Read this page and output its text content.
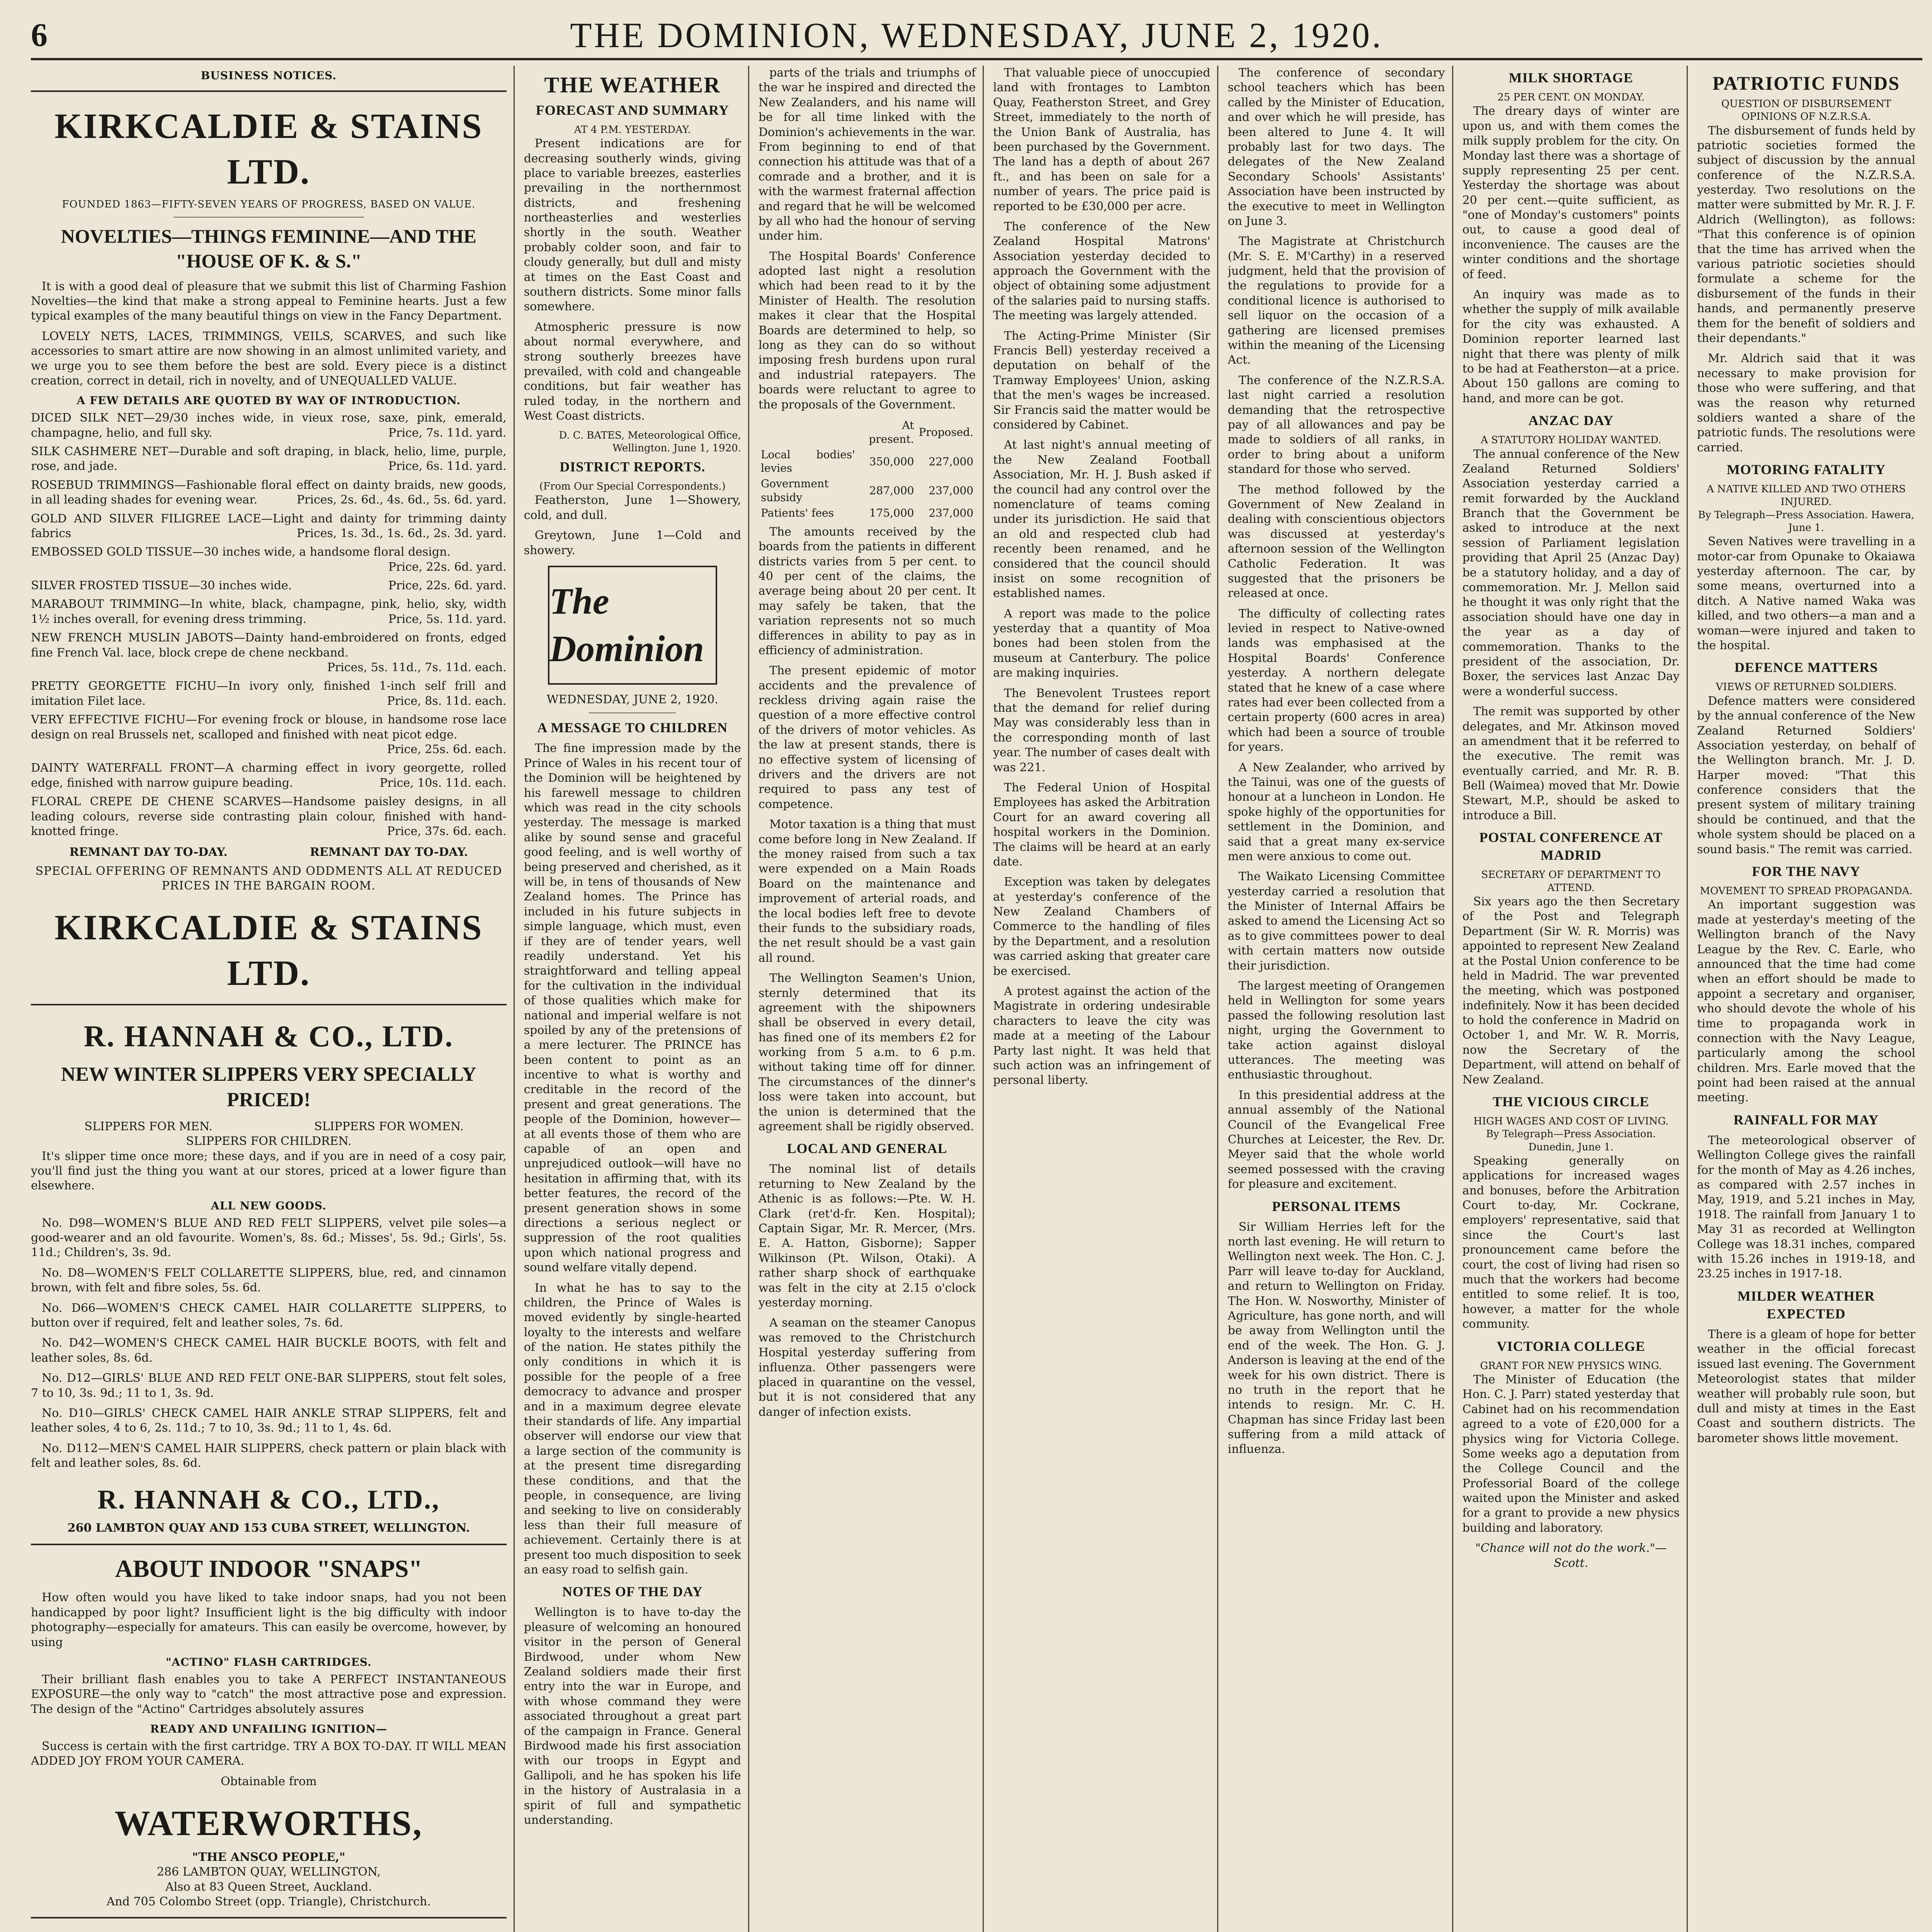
6	THE DOMINION, WEDNESDAY, JUNE 2, 1920.
BUSINESS NOTICES.
KIRKCALDIE & STAINS LTD.
FOUNDED 1863—FIFTY-SEVEN YEARS OF PROGRESS, BASED ON VALUE.
NOVELTIES—THINGS FEMININE—AND THE "HOUSE OF K. & S."

It is with a good deal of pleasure that we submit this list of Charming Fashion Novelties—the kind that make a strong appeal to Feminine hearts. Just a few typical examples of the many beautiful things on view in the Fancy Department.

LOVELY NETS, LACES, TRIMMINGS, VEILS, SCARVES, and such like accessories to smart attire are now showing in an almost unlimited variety, and we urge you to see them before the best are sold. Every piece is a distinct creation, correct in detail, rich in novelty, and of UNEQUALLED VALUE.

A FEW DETAILS ARE QUOTED BY WAY OF INTRODUCTION.
DICED SILK NET—29/30 inches wide, in vieux rose, saxe, pink, emerald, champagne, helio, and full sky.	Price, 7s. 11d. yard.
SILK CASHMERE NET—Durable and soft draping, in black, helio, lime, purple, rose, and jade.	Price, 6s. 11d. yard.
ROSEBUD TRIMMINGS—Fashionable floral effect on dainty braids, new goods, in all leading shades for evening wear.	Prices, 2s. 6d., 4s. 6d., 5s. 6d. yard.
GOLD AND SILVER FILIGREE LACE—Light and dainty for trimming dainty fabrics	Prices, 1s. 3d., 1s. 6d., 2s. 3d. yard.
EMBOSSED GOLD TISSUE—30 inches wide, a handsome floral design.
Price, 22s. 6d. yard.
SILVER FROSTED TISSUE—30 inches wide.	Price, 22s. 6d. yard.
MARABOUT TRIMMING—In white, black, champagne, pink, helio, sky, width 1½ inches overall, for evening dress trimming.	Price, 5s. 11d. yard.
NEW FRENCH MUSLIN JABOTS—Dainty hand-embroidered on fronts, edged fine French Val. lace, block crepe de chene neckband.
Prices, 5s. 11d., 7s. 11d. each.
PRETTY GEORGETTE FICHU—In ivory only, finished 1-inch self frill and imitation Filet lace.	Price, 8s. 11d. each.
VERY EFFECTIVE FICHU—For evening frock or blouse, in handsome rose lace design on real Brussels net, scalloped and finished with neat picot edge.
Price, 25s. 6d. each.
DAINTY WATERFALL FRONT—A charming effect in ivory georgette, rolled edge, finished with narrow guipure beading.	Price, 10s. 11d. each.
FLORAL CREPE DE CHENE SCARVES—Handsome paisley designs, in all leading colours, reverse side contrasting plain colour, finished with hand-knotted fringe.	Price, 37s. 6d. each.
REMNANT DAY TO-DAY.	REMNANT DAY TO-DAY.
SPECIAL OFFERING OF REMNANTS AND ODDMENTS ALL AT REDUCED PRICES IN THE BARGAIN ROOM.
KIRKCALDIE & STAINS LTD.
R. HANNAH & CO., LTD.
NEW WINTER SLIPPERS VERY SPECIALLY PRICED!
SLIPPERS FOR MEN.	SLIPPERS FOR WOMEN.
SLIPPERS FOR CHILDREN.

It's slipper time once more; these days, and if you are in need of a cosy pair, you'll find just the thing you want at our stores, priced at a lower figure than elsewhere.

ALL NEW GOODS.

No. D98—WOMEN'S BLUE AND RED FELT SLIPPERS, velvet pile soles—a good-wearer and an old favourite. Women's, 8s. 6d.; Misses', 5s. 9d.; Girls', 5s. 11d.; Children's, 3s. 9d.

No. D8—WOMEN'S FELT COLLARETTE SLIPPERS, blue, red, and cinnamon brown, with felt and fibre soles, 5s. 6d.

No. D66—WOMEN'S CHECK CAMEL HAIR COLLARETTE SLIPPERS, to button over if required, felt and leather soles, 7s. 6d.

No. D42—WOMEN'S CHECK CAMEL HAIR BUCKLE BOOTS, with felt and leather soles, 8s. 6d.

No. D12—GIRLS' BLUE AND RED FELT ONE-BAR SLIPPERS, stout felt soles, 7 to 10, 3s. 9d.; 11 to 1, 3s. 9d.

No. D10—GIRLS' CHECK CAMEL HAIR ANKLE STRAP SLIPPERS, felt and leather soles, 4 to 6, 2s. 11d.; 7 to 10, 3s. 9d.; 11 to 1, 4s. 6d.

No. D112—MEN'S CAMEL HAIR SLIPPERS, check pattern or plain black with felt and leather soles, 8s. 6d.

R. HANNAH & CO., LTD.,
260 LAMBTON QUAY AND 153 CUBA STREET, WELLINGTON.
ABOUT INDOOR "SNAPS"

How often would you have liked to take indoor snaps, had you not been handicapped by poor light? Insufficient light is the big difficulty with indoor photography—especially for amateurs. This can easily be overcome, however, by using

"ACTINO" FLASH CARTRIDGES.

Their brilliant flash enables you to take A PERFECT INSTANTANEOUS EXPOSURE—the only way to "catch" the most attractive pose and expression. The design of the "Actino" Cartridges absolutely assures

READY AND UNFAILING IGNITION—

Success is certain with the first cartridge. TRY A BOX TO-DAY. IT WILL MEAN ADDED JOY FROM YOUR CAMERA.

Obtainable from
WATERWORTHS,
"THE ANSCO PEOPLE,"
286 LAMBTON QUAY, WELLINGTON,
Also at 83 Queen Street, Auckland.
And 705 Colombo Street (opp. Triangle), Christchurch.
THE WEATHER
FORECAST AND SUMMARY
AT 4 P.M. YESTERDAY.

Present indications are for decreasing southerly winds, giving place to variable breezes, easterlies prevailing in the northernmost districts, and freshening northeasterlies and westerlies shortly in the south. Weather probably colder soon, and fair to cloudy generally, but dull and misty at times on the East Coast and southern districts. Some minor falls somewhere.

Atmospheric pressure is now about normal everywhere, and strong southerly breezes have prevailed, with cold and changeable conditions, but fair weather has ruled today, in the northern and West Coast districts.

D. C. BATES, Meteorological Office, Wellington. June 1, 1920.
DISTRICT REPORTS.
(From Our Special Correspondents.)

Featherston, June 1—Showery, cold, and dull.

Greytown, June 1—Cold and showery.

The Dominion
WEDNESDAY, JUNE 2, 1920.
A MESSAGE TO CHILDREN

The fine impression made by the Prince of Wales in his recent tour of the Dominion will be heightened by his farewell message to children which was read in the city schools yesterday. The message is marked alike by sound sense and graceful good feeling, and is well worthy of being preserved and cherished, as it will be, in tens of thousands of New Zealand homes. The Prince has included in his future subjects in simple language, which must, even if they are of tender years, well readily understand. Yet his straightforward and telling appeal for the cultivation in the individual of those qualities which make for national and imperial welfare is not spoiled by any of the pretensions of a mere lecturer. The PRINCE has been content to point as an incentive to what is worthy and creditable in the record of the present and great generations. The people of the Dominion, however—at all events those of them who are capable of an open and unprejudiced outlook—will have no hesitation in affirming that, with its better features, the record of the present generation shows in some directions a serious neglect or suppression of the root qualities upon which national progress and sound welfare vitally depend.

In what he has to say to the children, the Prince of Wales is moved evidently by single-hearted loyalty to the interests and welfare of the nation. He states pithily the only conditions in which it is possible for the people of a free democracy to advance and prosper and in a maximum degree elevate their standards of life. Any impartial observer will endorse our view that a large section of the community is at the present time disregarding these conditions, and that the people, in consequence, are living and seeking to live on considerably less than their full measure of achievement. Certainly there is at present too much disposition to seek an easy road to selfish gain.

NOTES OF THE DAY

Wellington is to have to-day the pleasure of welcoming an honoured visitor in the person of General Birdwood, under whom New Zealand soldiers made their first entry into the war in Europe, and with whose command they were associated throughout a great part of the campaign in France. General Birdwood made his first association with our troops in Egypt and Gallipoli, and he has spoken his life in the history of Australasia in a spirit of full and sympathetic understanding.

parts of the trials and triumphs of the war he inspired and directed the New Zealanders, and his name will be for all time linked with the Dominion's achievements in the war. From beginning to end of that connection his attitude was that of a comrade and a brother, and it is with the warmest fraternal affection and regard that he will be welcomed by all who had the honour of serving under him.

The Hospital Boards' Conference adopted last night a resolution which had been read to it by the Minister of Health. The resolution makes it clear that the Hospital Boards are determined to help, so long as they can do so without imposing fresh burdens upon rural and industrial ratepayers. The boards were reluctant to agree to the proposals of the Government.

	At present.	Proposed.
Local bodies' levies	350,000	227,000
Government subsidy	287,000	237,000
Patients' fees	175,000	237,000

The amounts received by the boards from the patients in different districts varies from 5 per cent. to 40 per cent of the claims, the average being about 20 per cent. It may safely be taken, that the variation represents not so much differences in ability to pay as in efficiency of administration.

The present epidemic of motor accidents and the prevalence of reckless driving again raise the question of a more effective control of the drivers of motor vehicles. As the law at present stands, there is no effective system of licensing of drivers and the drivers are not required to pass any test of competence.

Motor taxation is a thing that must come before long in New Zealand. If the money raised from such a tax were expended on a Main Roads Board on the maintenance and improvement of arterial roads, and the local bodies left free to devote their funds to the subsidiary roads, the net result should be a vast gain all round.

The Wellington Seamen's Union, sternly determined that its agreement with the shipowners shall be observed in every detail, has fined one of its members £2 for working from 5 a.m. to 6 p.m. without taking time off for dinner. The circumstances of the dinner's loss were taken into account, but the union is determined that the agreement shall be rigidly observed.

LOCAL AND GENERAL

The nominal list of details returning to New Zealand by the Athenic is as follows:—Pte. W. H. Clark (ret'd-fr. Ken. Hospital); Captain Sigar, Mr. R. Mercer, (Mrs. E. A. Hatton, Gisborne); Sapper Wilkinson (Pt. Wilson, Otaki). A rather sharp shock of earthquake was felt in the city at 2.15 o'clock yesterday morning.

A seaman on the steamer Canopus was removed to the Christchurch Hospital yesterday suffering from influenza. Other passengers were placed in quarantine on the vessel, but it is not considered that any danger of infection exists.

That valuable piece of unoccupied land with frontages to Lambton Quay, Featherston Street, and Grey Street, immediately to the north of the Union Bank of Australia, has been purchased by the Government. The land has a depth of about 267 ft., and has been on sale for a number of years. The price paid is reported to be £30,000 per acre.

The conference of the New Zealand Hospital Matrons' Association yesterday decided to approach the Government with the object of obtaining some adjustment of the salaries paid to nursing staffs. The meeting was largely attended.

The Acting-Prime Minister (Sir Francis Bell) yesterday received a deputation on behalf of the Tramway Employees' Union, asking that the men's wages be increased. Sir Francis said the matter would be considered by Cabinet.

At last night's annual meeting of the New Zealand Football Association, Mr. H. J. Bush asked if the council had any control over the nomenclature of teams coming under its jurisdiction. He said that an old and respected club had recently been renamed, and he considered that the council should insist on some recognition of established names.

A report was made to the police yesterday that a quantity of Moa bones had been stolen from the museum at Canterbury. The police are making inquiries.

The Benevolent Trustees report that the demand for relief during May was considerably less than in the corresponding month of last year. The number of cases dealt with was 221.

The Federal Union of Hospital Employees has asked the Arbitration Court for an award covering all hospital workers in the Dominion. The claims will be heard at an early date.

Exception was taken by delegates at yesterday's conference of the New Zealand Chambers of Commerce to the handling of files by the Department, and a resolution was carried asking that greater care be exercised.

A protest against the action of the Magistrate in ordering undesirable characters to leave the city was made at a meeting of the Labour Party last night. It was held that such action was an infringement of personal liberty.

The conference of secondary school teachers which has been called by the Minister of Education, and over which he will preside, has been altered to June 4. It will probably last for two days. The delegates of the New Zealand Secondary Schools' Assistants' Association have been instructed by the executive to meet in Wellington on June 3.

The Magistrate at Christchurch (Mr. S. E. M'Carthy) in a reserved judgment, held that the provision of the regulations to provide for a conditional licence is authorised to sell liquor on the occasion of a gathering are licensed premises within the meaning of the Licensing Act.

The conference of the N.Z.R.S.A. last night carried a resolution demanding that the retrospective pay of all allowances and pay be made to soldiers of all ranks, in order to bring about a uniform standard for those who served.

The method followed by the Government of New Zealand in dealing with conscientious objectors was discussed at yesterday's afternoon session of the Wellington Catholic Federation. It was suggested that the prisoners be released at once.

The difficulty of collecting rates levied in respect to Native-owned lands was emphasised at the Hospital Boards' Conference yesterday. A northern delegate stated that he knew of a case where rates had ever been collected from a certain property (600 acres in area) which had been a source of trouble for years.

A New Zealander, who arrived by the Tainui, was one of the guests of honour at a luncheon in London. He spoke highly of the opportunities for settlement in the Dominion, and said that a great many ex-service men were anxious to come out.

The Waikato Licensing Committee yesterday carried a resolution that the Minister of Internal Affairs be asked to amend the Licensing Act so as to give committees power to deal with certain matters now outside their jurisdiction.

The largest meeting of Orangemen held in Wellington for some years passed the following resolution last night, urging the Government to take action against disloyal utterances. The meeting was enthusiastic throughout.

In this presidential address at the annual assembly of the National Council of the Evangelical Free Churches at Leicester, the Rev. Dr. Meyer said that the whole world seemed possessed with the craving for pleasure and excitement.

PERSONAL ITEMS

Sir William Herries left for the north last evening. He will return to Wellington next week. The Hon. C. J. Parr will leave to-day for Auckland, and return to Wellington on Friday. The Hon. W. Nosworthy, Minister of Agriculture, has gone north, and will be away from Wellington until the end of the week. The Hon. G. J. Anderson is leaving at the end of the week for his own district. There is no truth in the report that he intends to resign. Mr. C. H. Chapman has since Friday last been suffering from a mild attack of influenza.

MILK SHORTAGE
25 PER CENT. ON MONDAY.

The dreary days of winter are upon us, and with them comes the milk supply problem for the city. On Monday last there was a shortage of supply representing 25 per cent. Yesterday the shortage was about 20 per cent.—quite sufficient, as "one of Monday's customers" points out, to cause a good deal of inconvenience. The causes are the winter conditions and the shortage of feed.

An inquiry was made as to whether the supply of milk available for the city was exhausted. A Dominion reporter learned last night that there was plenty of milk to be had at Featherston—at a price. About 150 gallons are coming to hand, and more can be got.

ANZAC DAY
A STATUTORY HOLIDAY WANTED.

The annual conference of the New Zealand Returned Soldiers' Association yesterday carried a remit forwarded by the Auckland Branch that the Government be asked to introduce at the next session of Parliament legislation providing that April 25 (Anzac Day) be a statutory holiday, and a day of commemoration. Mr. J. Mellon said he thought it was only right that the association should have one day in the year as a day of commemoration. Thanks to the president of the association, Dr. Boxer, the services last Anzac Day were a wonderful success.

The remit was supported by other delegates, and Mr. Atkinson moved an amendment that it be referred to the executive. The remit was eventually carried, and Mr. R. B. Bell (Waimea) moved that Mr. Dowie Stewart, M.P., should be asked to introduce a Bill.

POSTAL CONFERENCE AT MADRID
SECRETARY OF DEPARTMENT TO ATTEND.

Six years ago the then Secretary of the Post and Telegraph Department (Sir W. R. Morris) was appointed to represent New Zealand at the Postal Union conference to be held in Madrid. The war prevented the meeting, which was postponed indefinitely. Now it has been decided to hold the conference in Madrid on October 1, and Mr. W. R. Morris, now the Secretary of the Department, will attend on behalf of New Zealand.

THE VICIOUS CIRCLE
HIGH WAGES AND COST OF LIVING.
By Telegraph—Press Association. Dunedin, June 1.

Speaking generally on applications for increased wages and bonuses, before the Arbitration Court to-day, Mr. Cockrane, employers' representative, said that since the Court's last pronouncement came before the court, the cost of living had risen so much that the workers had become entitled to some relief. It is too, however, a matter for the whole community.

VICTORIA COLLEGE
GRANT FOR NEW PHYSICS WING.

The Minister of Education (the Hon. C. J. Parr) stated yesterday that Cabinet had on his recommendation agreed to a vote of £20,000 for a physics wing for Victoria College. Some weeks ago a deputation from the College Council and the Professorial Board of the college waited upon the Minister and asked for a grant to provide a new physics building and laboratory.

"Chance will not do the work."—Scott.
PATRIOTIC FUNDS
QUESTION OF DISBURSEMENT
OPINIONS OF N.Z.R.S.A.

The disbursement of funds held by patriotic societies formed the subject of discussion by the annual conference of the N.Z.R.S.A. yesterday. Two resolutions on the matter were submitted by Mr. R. J. F. Aldrich (Wellington), as follows: "That this conference is of opinion that the time has arrived when the various patriotic societies should formulate a scheme for the disbursement of the funds in their hands, and permanently preserve them for the benefit of soldiers and their dependants."

Mr. Aldrich said that it was necessary to make provision for those who were suffering, and that was the reason why returned soldiers wanted a share of the patriotic funds. The resolutions were carried.

MOTORING FATALITY
A NATIVE KILLED AND TWO OTHERS INJURED.
By Telegraph—Press Association. Hawera, June 1.

Seven Natives were travelling in a motor-car from Opunake to Okaiawa yesterday afternoon. The car, by some means, overturned into a ditch. A Native named Waka was killed, and two others—a man and a woman—were injured and taken to the hospital.

DEFENCE MATTERS
VIEWS OF RETURNED SOLDIERS.

Defence matters were considered by the annual conference of the New Zealand Returned Soldiers' Association yesterday, on behalf of the Wellington branch. Mr. J. D. Harper moved: "That this conference considers that the present system of military training should be continued, and that the whole system should be placed on a sound basis." The remit was carried.

FOR THE NAVY
MOVEMENT TO SPREAD PROPAGANDA.

An important suggestion was made at yesterday's meeting of the Wellington branch of the Navy League by the Rev. C. Earle, who announced that the time had come when an effort should be made to appoint a secretary and organiser, who should devote the whole of his time to propaganda work in connection with the Navy League, particularly among the school children. Mrs. Earle moved that the point had been raised at the annual meeting.

RAINFALL FOR MAY

The meteorological observer of Wellington College gives the rainfall for the month of May as 4.26 inches, as compared with 2.57 inches in May, 1919, and 5.21 inches in May, 1918. The rainfall from January 1 to May 31 as recorded at Wellington College was 18.31 inches, compared with 15.26 inches in 1919-18, and 23.25 inches in 1917-18.

MILDER WEATHER EXPECTED

There is a gleam of hope for better weather in the official forecast issued last evening. The Government Meteorologist states that milder weather will probably rule soon, but dull and misty at times in the East Coast and southern districts. The barometer shows little movement.
